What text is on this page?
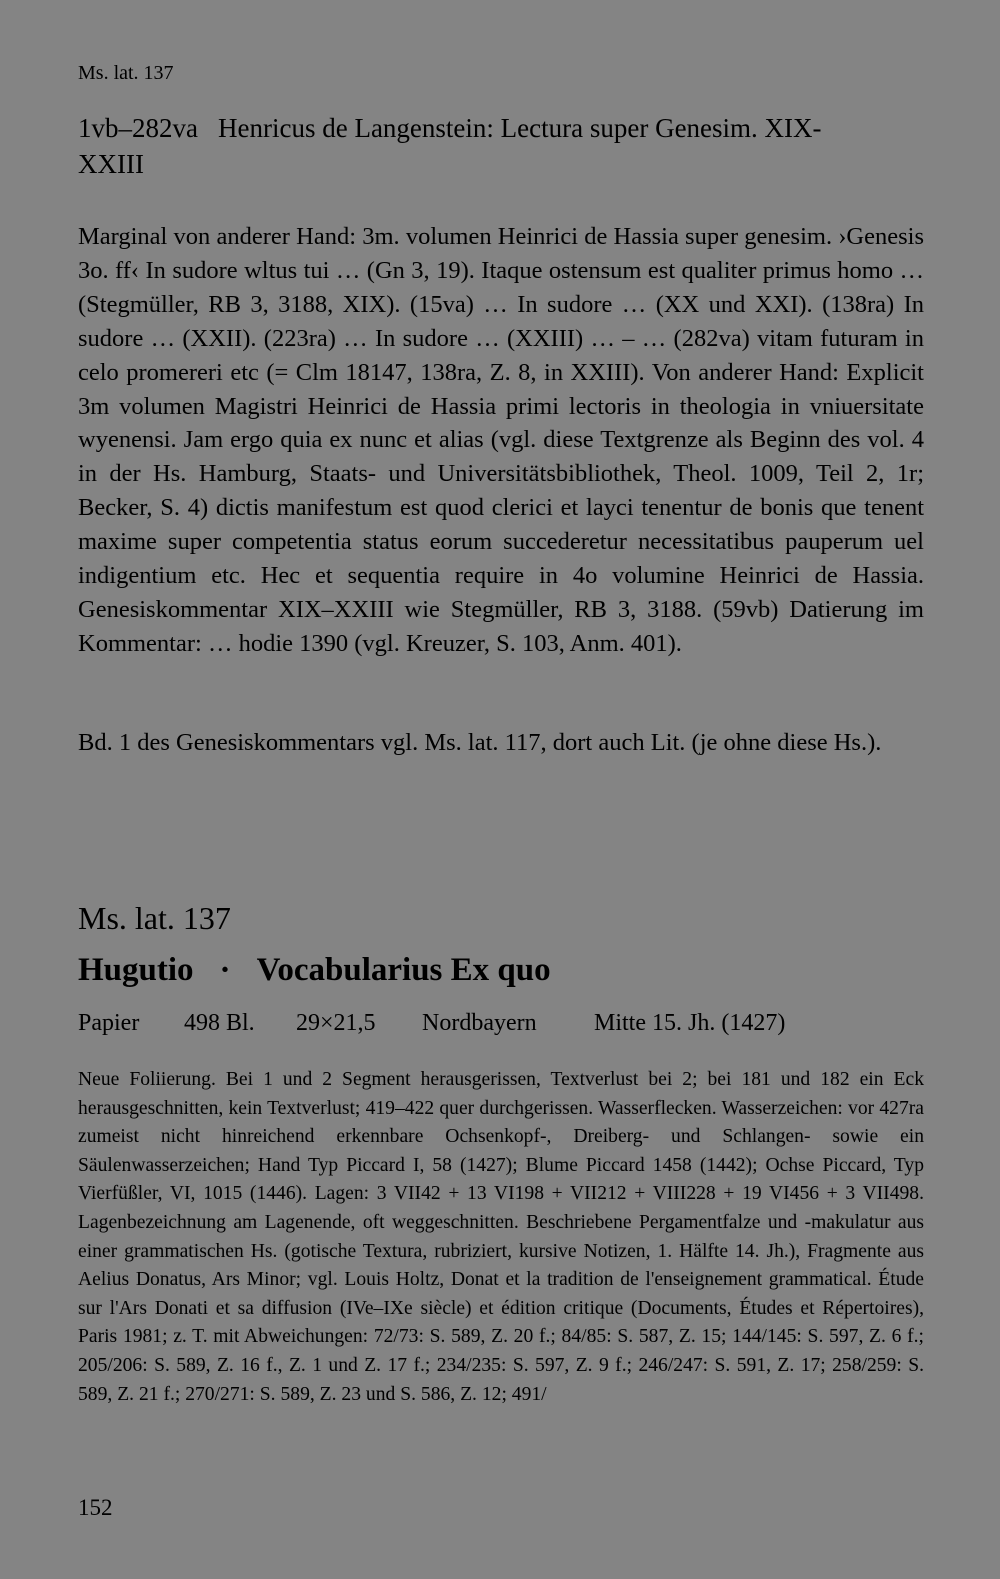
Ms. lat. 137
1vb–282va Henricus de Langenstein: Lectura super Genesim. XIX-
XXIII

Marginal von anderer Hand: 3m. volumen Heinrici de Hassia super genesim. ›Genesis 3o. ff‹ In sudore wltus tui … (Gn 3, 19). Itaque ostensum est qualiter primus homo … (Stegmüller, RB 3, 3188, XIX). (15va) … In sudore … (XX und XXI). (138ra) In sudore … (XXII). (223ra) … In sudore … (XXIII) … – … (282va) vitam futuram in celo promereri etc (= Clm 18147, 138ra, Z. 8, in XXIII). Von anderer Hand: Explicit 3m volumen Magistri Heinrici de Hassia primi lectoris in theologia in vniuersitate wyenensi. Jam ergo quia ex nunc et alias (vgl. diese Textgrenze als Beginn des vol. 4 in der Hs. Hamburg, Staats- und Universitätsbibliothek, Theol. 1009, Teil 2, 1r; Becker, S. 4) dictis manifestum est quod clerici et layci tenentur de bonis que tenent maxime super competentia status eorum succederetur necessitatibus pauperum uel indigentium etc. Hec et sequentia require in 4o volumine Heinrici de Hassia. Genesiskommentar XIX–XXIII wie Stegmüller, RB 3, 3188. (59vb) Datierung im Kommentar: … hodie 1390 (vgl. Kreuzer, S. 103, Anm. 401).

Bd. 1 des Genesiskommentars vgl. Ms. lat. 117, dort auch Lit. (je ohne diese Hs.).
Ms. lat. 137
Hugutio · Vocabularius Ex quo
Papier 498 Bl. 29×21,5 Nordbayern Mitte 15. Jh. (1427)

Neue Foliierung. Bei 1 und 2 Segment herausgerissen, Textverlust bei 2; bei 181 und 182 ein Eck herausgeschnitten, kein Textverlust; 419–422 quer durchgerissen. Wasserflecken. Wasserzeichen: vor 427ra zumeist nicht hinreichend erkennbare Ochsenkopf-, Dreiberg- und Schlangen- sowie ein Säulenwasserzeichen; Hand Typ Piccard I, 58 (1427); Blume Piccard 1458 (1442); Ochse Piccard, Typ Vierfüßler, VI, 1015 (1446). Lagen: 3 VII42 + 13 VI198 + VII212 + VIII228 + 19 VI456 + 3 VII498. Lagenbezeichnung am Lagenende, oft weggeschnitten. Beschriebene Pergamentfalze und -makulatur aus einer grammatischen Hs. (gotische Textura, rubriziert, kursive Notizen, 1. Hälfte 14. Jh.), Fragmente aus Aelius Donatus, Ars Minor; vgl. Louis Holtz, Donat et la tradition de l'enseignement grammatical. Étude sur l'Ars Donati et sa diffusion (IVe–IXe siècle) et édition critique (Documents, Études et Répertoires), Paris 1981; z. T. mit Abweichungen: 72/73: S. 589, Z. 20 f.; 84/85: S. 587, Z. 15; 144/145: S. 597, Z. 6 f.; 205/206: S. 589, Z. 16 f., Z. 1 und Z. 17 f.; 234/235: S. 597, Z. 9 f.; 246/247: S. 591, Z. 17; 258/259: S. 589, Z. 21 f.; 270/271: S. 589, Z. 23 und S. 586, Z. 12; 491/

152
